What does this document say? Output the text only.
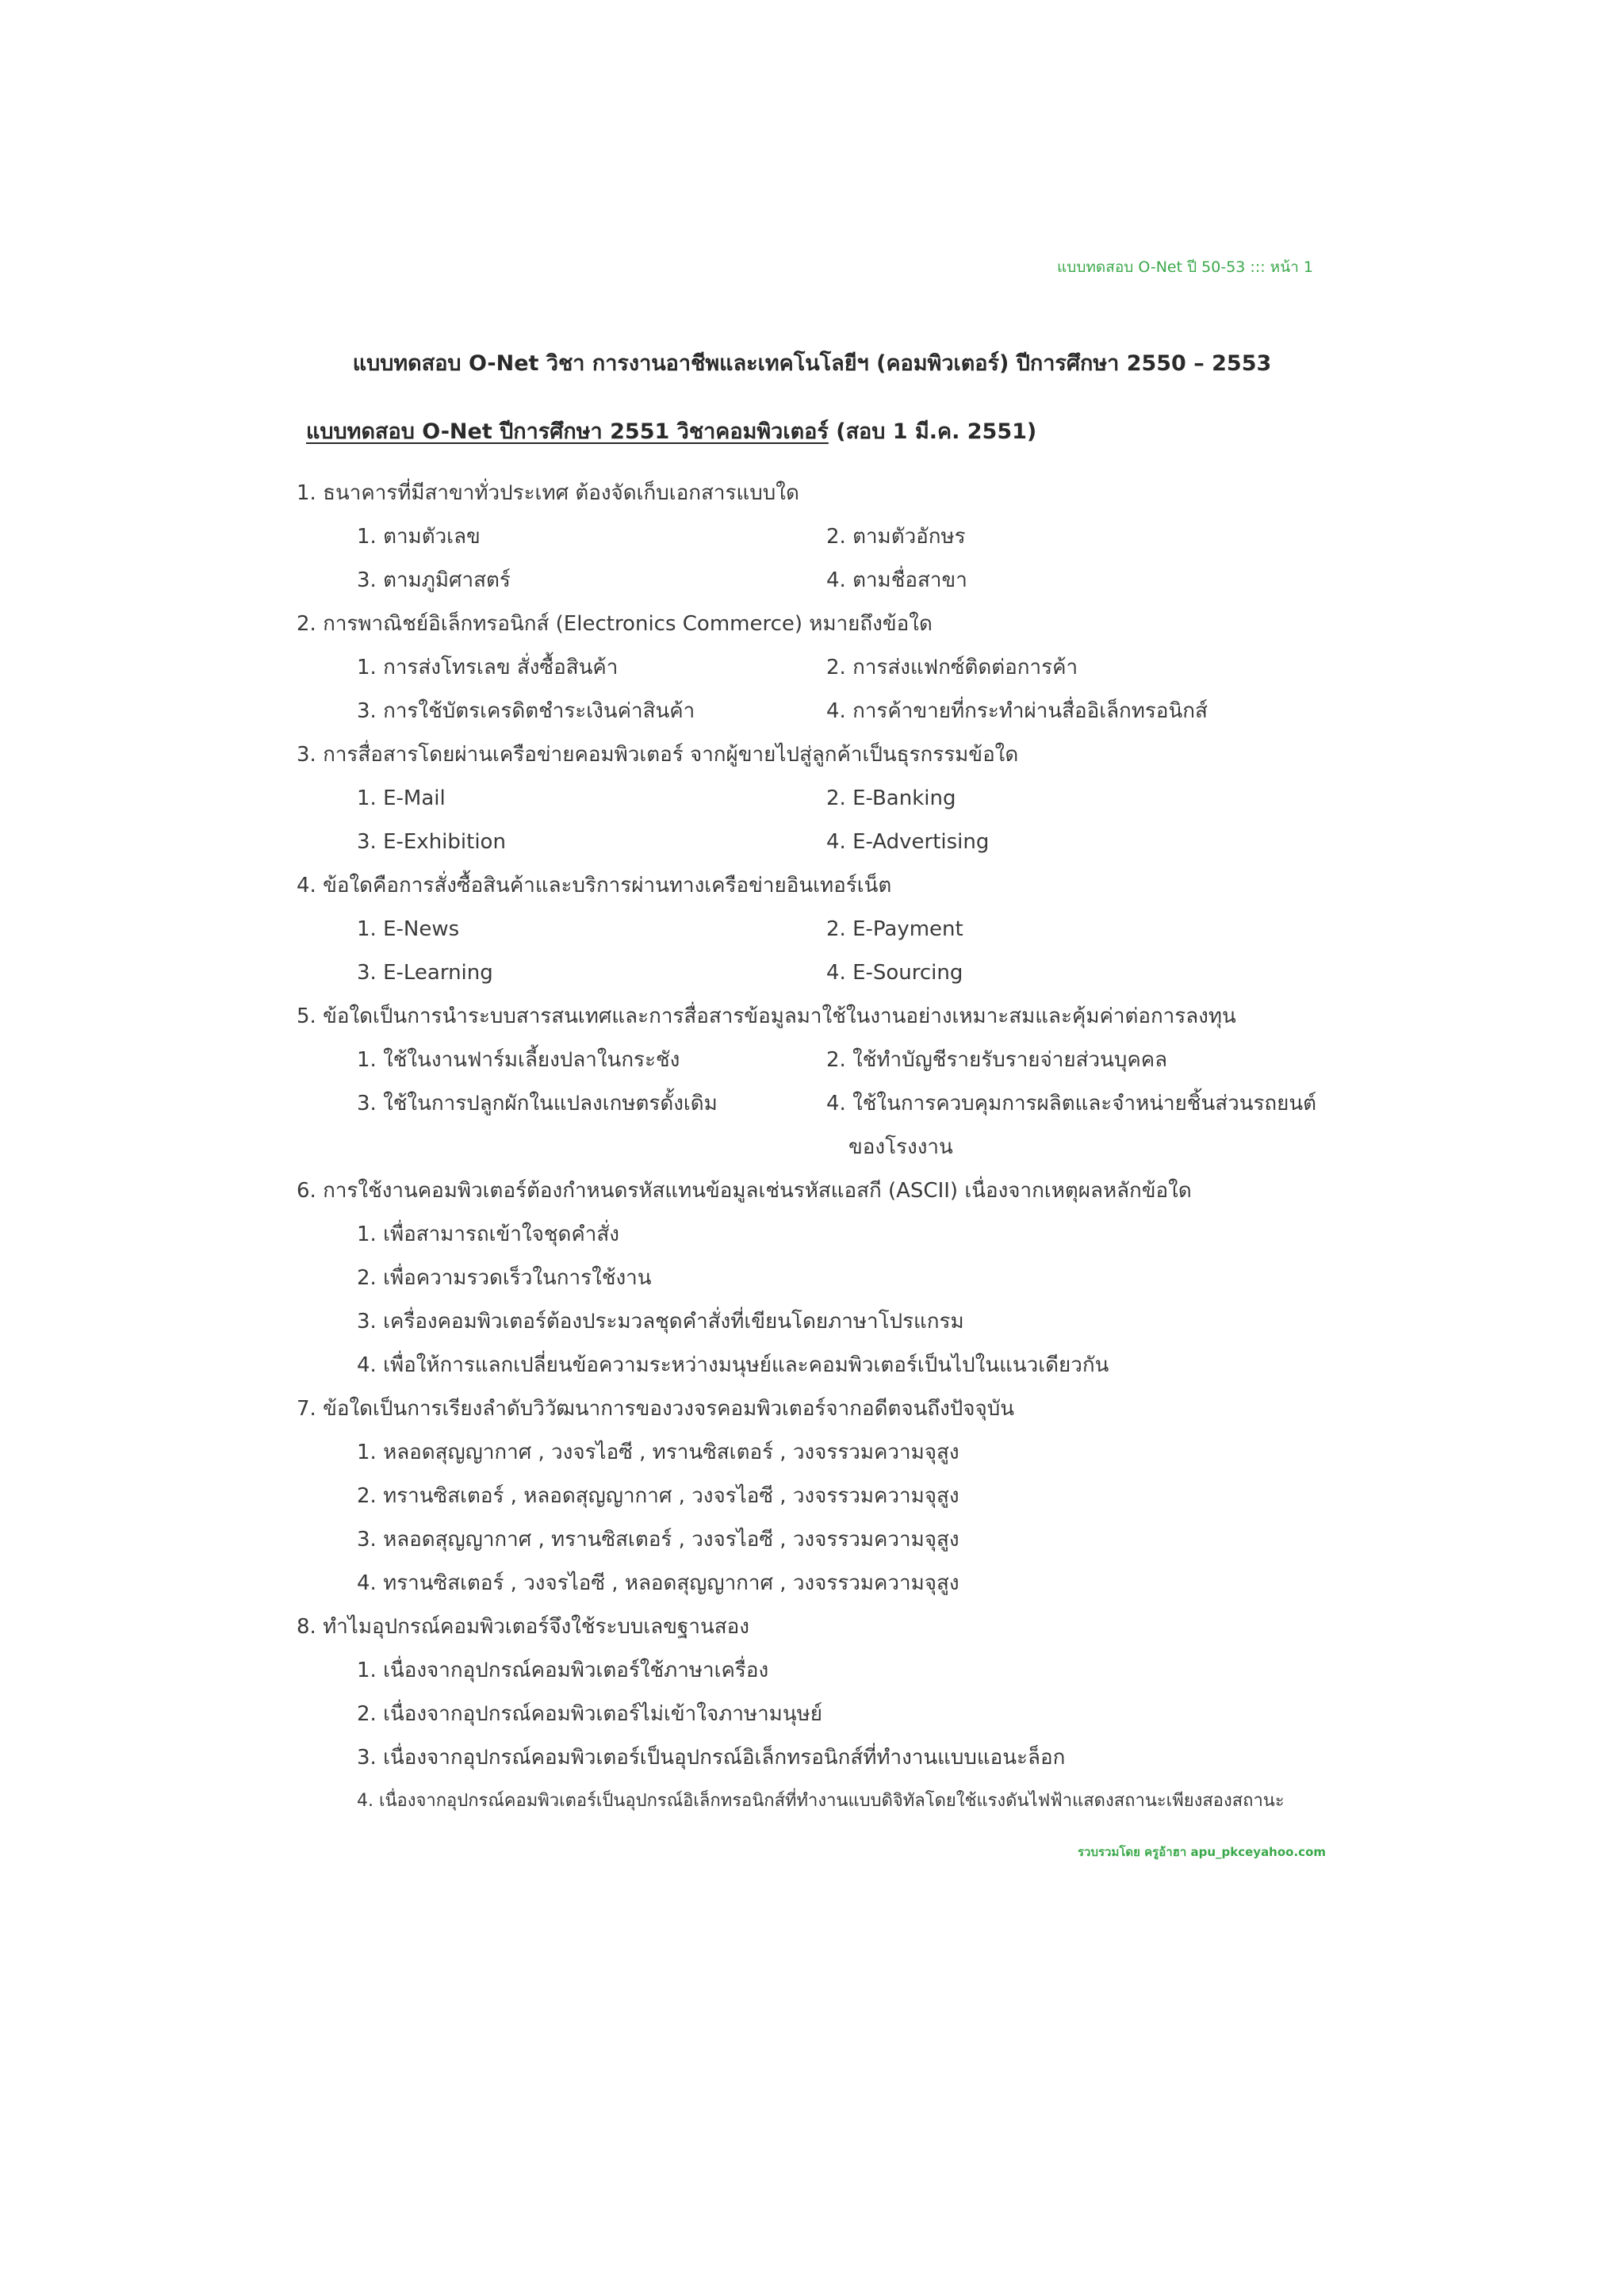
แบบทดสอบ O-Net ปี 50-53 ::: หน้า 1
แบบทดสอบ O-Net วิชา การงานอาชีพและเทคโนโลยีฯ (คอมพิวเตอร์) ปีการศึกษา 2550 – 2553
แบบทดสอบ O-Net ปีการศึกษา 2551 วิชาคอมพิวเตอร์ (สอบ 1 มี.ค. 2551)
1. ธนาคารที่มีสาขาทั่วประเทศ ต้องจัดเก็บเอกสารแบบใด
1. ตามตัวเลข	2. ตามตัวอักษร
3. ตามภูมิศาสตร์	4. ตามชื่อสาขา
2. การพาณิชย์อิเล็กทรอนิกส์ (Electronics Commerce) หมายถึงข้อใด
1. การส่งโทรเลข สั่งซื้อสินค้า	2. การส่งแฟกซ์ติดต่อการค้า
3. การใช้บัตรเครดิตชำระเงินค่าสินค้า	4. การค้าขายที่กระทำผ่านสื่ออิเล็กทรอนิกส์
3. การสื่อสารโดยผ่านเครือข่ายคอมพิวเตอร์ จากผู้ขายไปสู่ลูกค้าเป็นธุรกรรมข้อใด
1. E-Mail	2. E-Banking
3. E-Exhibition	4. E-Advertising
4. ข้อใดคือการสั่งซื้อสินค้าและบริการผ่านทางเครือข่ายอินเทอร์เน็ต
1. E-News	2. E-Payment
3. E-Learning	4. E-Sourcing
5. ข้อใดเป็นการนำระบบสารสนเทศและการสื่อสารข้อมูลมาใช้ในงานอย่างเหมาะสมและคุ้มค่าต่อการลงทุน
1. ใช้ในงานฟาร์มเลี้ยงปลาในกระชัง	2. ใช้ทำบัญชีรายรับรายจ่ายส่วนบุคคล
3. ใช้ในการปลูกผักในแปลงเกษตรดั้งเดิม	4. ใช้ในการควบคุมการผลิตและจำหน่ายชิ้นส่วนรถยนต์
ของโรงงาน
6. การใช้งานคอมพิวเตอร์ต้องกำหนดรหัสแทนข้อมูลเช่นรหัสแอสกี (ASCII) เนื่องจากเหตุผลหลักข้อใด
1. เพื่อสามารถเข้าใจชุดคำสั่ง
2. เพื่อความรวดเร็วในการใช้งาน
3. เครื่องคอมพิวเตอร์ต้องประมวลชุดคำสั่งที่เขียนโดยภาษาโปรแกรม
4. เพื่อให้การแลกเปลี่ยนข้อความระหว่างมนุษย์และคอมพิวเตอร์เป็นไปในแนวเดียวกัน
7. ข้อใดเป็นการเรียงลำดับวิวัฒนาการของวงจรคอมพิวเตอร์จากอดีตจนถึงปัจจุบัน
1. หลอดสุญญากาศ , วงจรไอซี , ทรานซิสเตอร์ , วงจรรวมความจุสูง
2. ทรานซิสเตอร์ , หลอดสุญญากาศ , วงจรไอซี , วงจรรวมความจุสูง
3. หลอดสุญญากาศ , ทรานซิสเตอร์ , วงจรไอซี , วงจรรวมความจุสูง
4. ทรานซิสเตอร์ , วงจรไอซี , หลอดสุญญากาศ , วงจรรวมความจุสูง
8. ทำไมอุปกรณ์คอมพิวเตอร์จึงใช้ระบบเลขฐานสอง
1. เนื่องจากอุปกรณ์คอมพิวเตอร์ใช้ภาษาเครื่อง
2. เนื่องจากอุปกรณ์คอมพิวเตอร์ไม่เข้าใจภาษามนุษย์
3. เนื่องจากอุปกรณ์คอมพิวเตอร์เป็นอุปกรณ์อิเล็กทรอนิกส์ที่ทำงานแบบแอนะล็อก
4. เนื่องจากอุปกรณ์คอมพิวเตอร์เป็นอุปกรณ์อิเล็กทรอนิกส์ที่ทำงานแบบดิจิทัลโดยใช้แรงดันไฟฟ้าแสดงสถานะเพียงสองสถานะ
รวบรวมโดย ครูอ้าฮา apu_pkceyahoo.com
